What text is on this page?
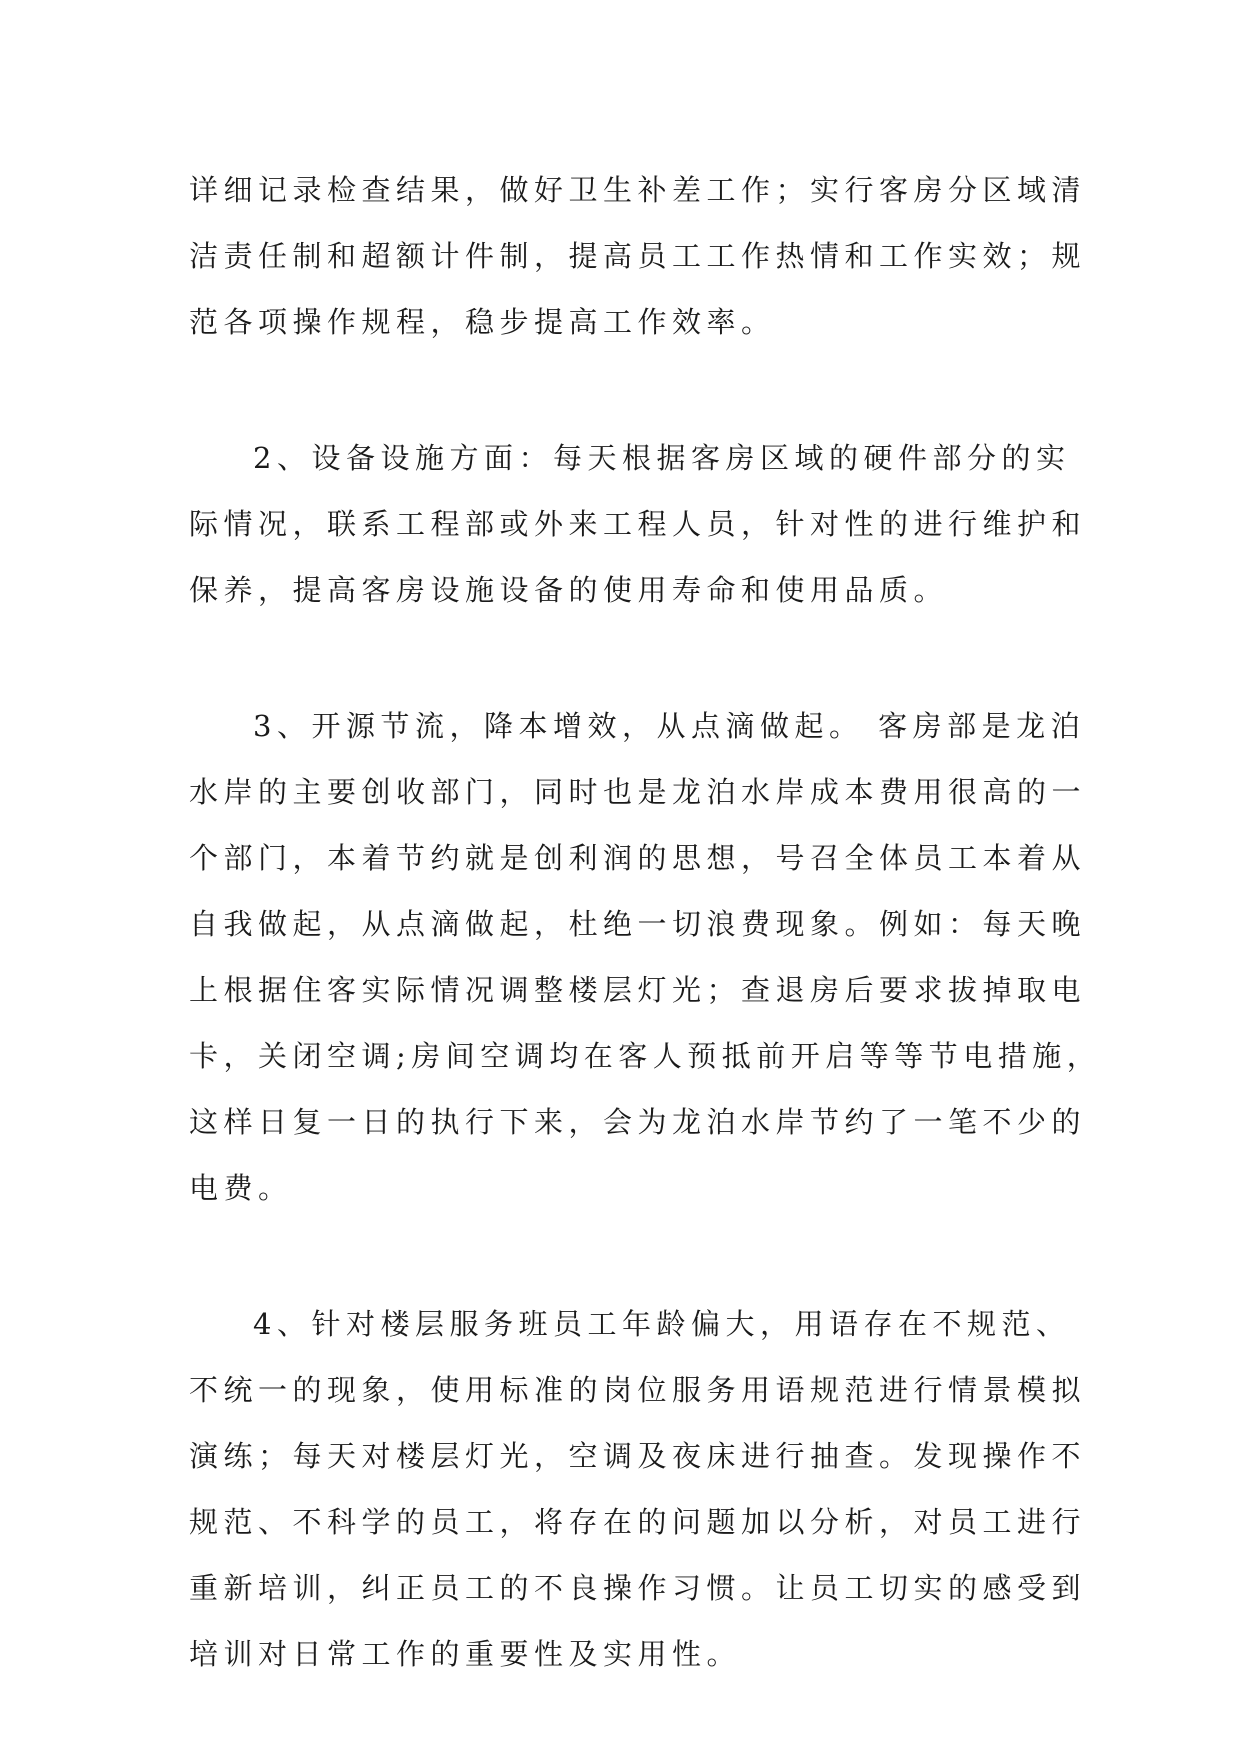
详细记录检查结果，做好卫生补差工作；实行客房分区域清
洁责任制和超额计件制，提高员工工作热情和工作实效；规
范各项操作规程，稳步提高工作效率。
2、设备设施方面：每天根据客房区域的硬件部分的实
际情况，联系工程部或外来工程人员，针对性的进行维护和
保养，提高客房设施设备的使用寿命和使用品质。
3、开源节流，降本增效，从点滴做起。 客房部是龙泊
水岸的主要创收部门，同时也是龙泊水岸成本费用很高的一
个部门，本着节约就是创利润的思想，号召全体员工本着从
自我做起，从点滴做起，杜绝一切浪费现象。例如：每天晚
上根据住客实际情况调整楼层灯光；查退房后要求拔掉取电
卡，关闭空调;房间空调均在客人预抵前开启等等节电措施，
这样日复一日的执行下来，会为龙泊水岸节约了一笔不少的
电费。
4、针对楼层服务班员工年龄偏大，用语存在不规范、
不统一的现象，使用标准的岗位服务用语规范进行情景模拟
演练；每天对楼层灯光，空调及夜床进行抽查。发现操作不
规范、不科学的员工，将存在的问题加以分析，对员工进行
重新培训，纠正员工的不良操作习惯。让员工切实的感受到
培训对日常工作的重要性及实用性。
